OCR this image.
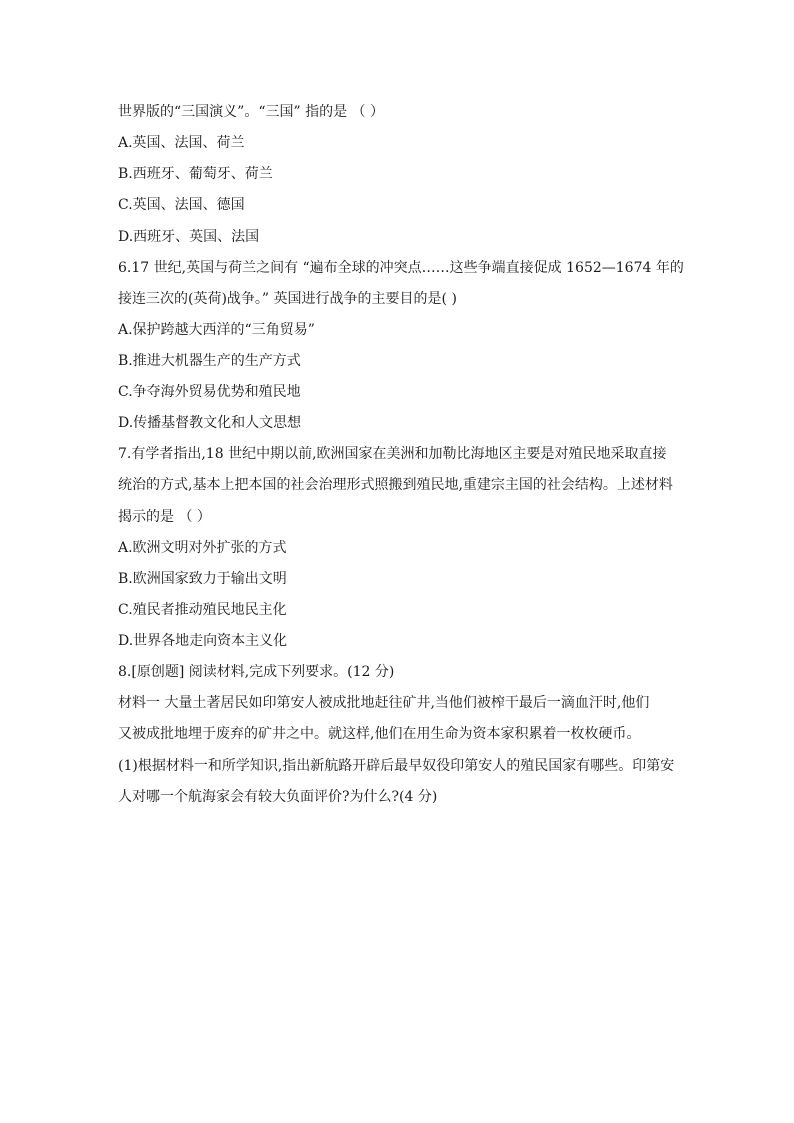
世界版的“三国演义”。“三国” 指的是 （ ）
A.英国、法国、荷兰
B.西班牙、葡萄牙、荷兰
C.英国、法国、德国
D.西班牙、英国、法国
6.17 世纪,英国与荷兰之间有 “遍布全球的冲突点……这些争端直接促成 1652—1674 年的
接连三次的(英荷)战争。” 英国进行战争的主要目的是( )
A.保护跨越大西洋的“三角贸易”
B.推进大机器生产的生产方式
C.争夺海外贸易优势和殖民地
D.传播基督教文化和人文思想
7.有学者指出,18 世纪中期以前,欧洲国家在美洲和加勒比海地区主要是对殖民地采取直接
统治的方式,基本上把本国的社会治理形式照搬到殖民地,重建宗主国的社会结构。上述材料
揭示的是 （ ）
A.欧洲文明对外扩张的方式
B.欧洲国家致力于输出文明
C.殖民者推动殖民地民主化
D.世界各地走向资本主义化
8.[原创题] 阅读材料,完成下列要求。(12 分)
材料一 大量土著居民如印第安人被成批地赶往矿井,当他们被榨干最后一滴血汗时,他们
又被成批地埋于废弃的矿井之中。就这样,他们在用生命为资本家积累着一枚枚硬币。
(1)根据材料一和所学知识,指出新航路开辟后最早奴役印第安人的殖民国家有哪些。印第安
人对哪一个航海家会有较大负面评价?为什么?(4 分)
